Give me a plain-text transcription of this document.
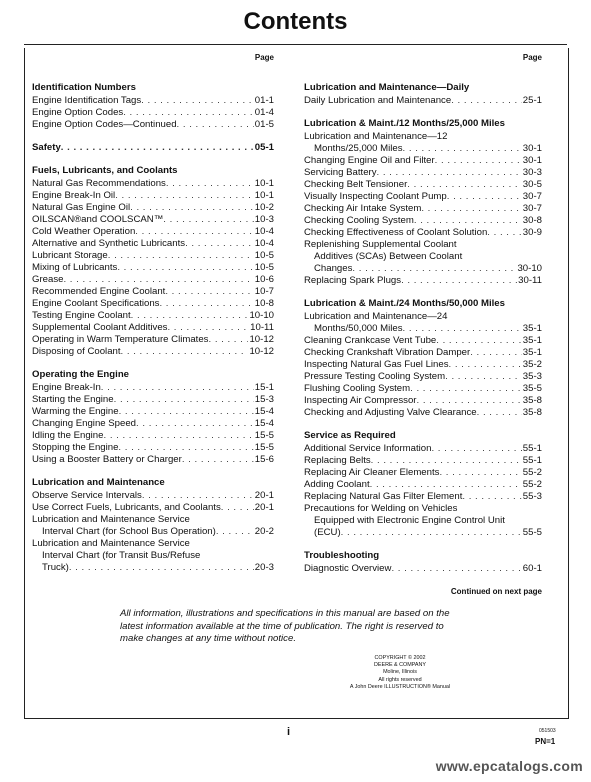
Contents
Page
Identification Numbers
Engine Identification Tags . . .	01-1
Engine Option Codes . . .	01-4
Engine Option Codes—Continued . . .	01-5
Safety . . .	05-1
Fuels, Lubricants, and Coolants
Natural Gas Recommendations . . .	10-1
Engine Break-In Oil . . .	10-1
Natural Gas Engine Oil . . .	10-2
OILSCAN®and COOLSCAN™ . . .	10-3
Cold Weather Operation . . .	10-4
Alternative and Synthetic Lubricants . . .	10-4
Lubricant Storage . . .	10-5
Mixing of Lubricants . . .	10-5
Grease . . .	10-6
Recommended Engine Coolant . . .	10-7
Engine Coolant Specifications . . .	10-8
Testing Engine Coolant . . .	10-10
Supplemental Coolant Additives . . .	10-11
Operating in Warm Temperature Climates . . .	10-12
Disposing of Coolant . . .	10-12
Operating the Engine
Engine Break-In . . .	15-1
Starting the Engine . . .	15-3
Warming the Engine . . .	15-4
Changing Engine Speed . . .	15-4
Idling the Engine . . .	15-5
Stopping the Engine . . .	15-5
Using a Booster Battery or Charger . . .	15-6
Lubrication and Maintenance
Observe Service Intervals . . .	20-1
Use Correct Fuels, Lubricants, and Coolants . . .	20-1
Lubrication and Maintenance Service
Interval Chart (for School Bus Operation) . . .	20-2
Lubrication and Maintenance Service
Interval Chart (for Transit Bus/Refuse
Truck) . . .	20-3
Page
Lubrication and Maintenance—Daily
Daily Lubrication and Maintenance . . .	25-1
Lubrication & Maint./12 Months/25,000 Miles
Lubrication and Maintenance—12
Months/25,000 Miles . . .	30-1
Changing Engine Oil and Filter . . .	30-1
Servicing Battery . . .	30-3
Checking Belt Tensioner . . .	30-5
Visually Inspecting Coolant Pump . . .	30-7
Checking Air Intake System . . .	30-7
Checking Cooling System . . .	30-8
Checking Effectiveness of Coolant Solution . . .	30-9
Replenishing Supplemental Coolant
Additives (SCAs) Between Coolant
Changes . . .	30-10
Replacing Spark Plugs . . .	30-11
Lubrication & Maint./24 Months/50,000 Miles
Lubrication and Maintenance—24
Months/50,000 Miles . . .	35-1
Cleaning Crankcase Vent Tube . . .	35-1
Checking Crankshaft Vibration Damper . . .	35-1
Inspecting Natural Gas Fuel Lines . . .	35-2
Pressure Testing Cooling System . . .	35-3
Flushing Cooling System . . .	35-5
Inspecting Air Compressor . . .	35-8
Checking and Adjusting Valve Clearance . . .	35-8
Service as Required
Additional Service Information . . .	55-1
Replacing Belts . . .	55-1
Replacing Air Cleaner Elements . . .	55-2
Adding Coolant . . .	55-2
Replacing Natural Gas Filter Element . . .	55-3
Precautions for Welding on Vehicles
Equipped with Electronic Engine Control Unit
(ECU) . . .	55-5
Troubleshooting
Diagnostic Overview . . .	60-1
Continued on next page
All information, illustrations and specifications in this manual are based on the latest information available at the time of publication. The right is reserved to make changes at any time without notice.
COPYRIGHT © 2002
DEERE & COMPANY
Moline, Illinois
All rights reserved
A John Deere ILLUSTRUCTION® Manual
i	051503
PN=1
www.epcatalogs.com
